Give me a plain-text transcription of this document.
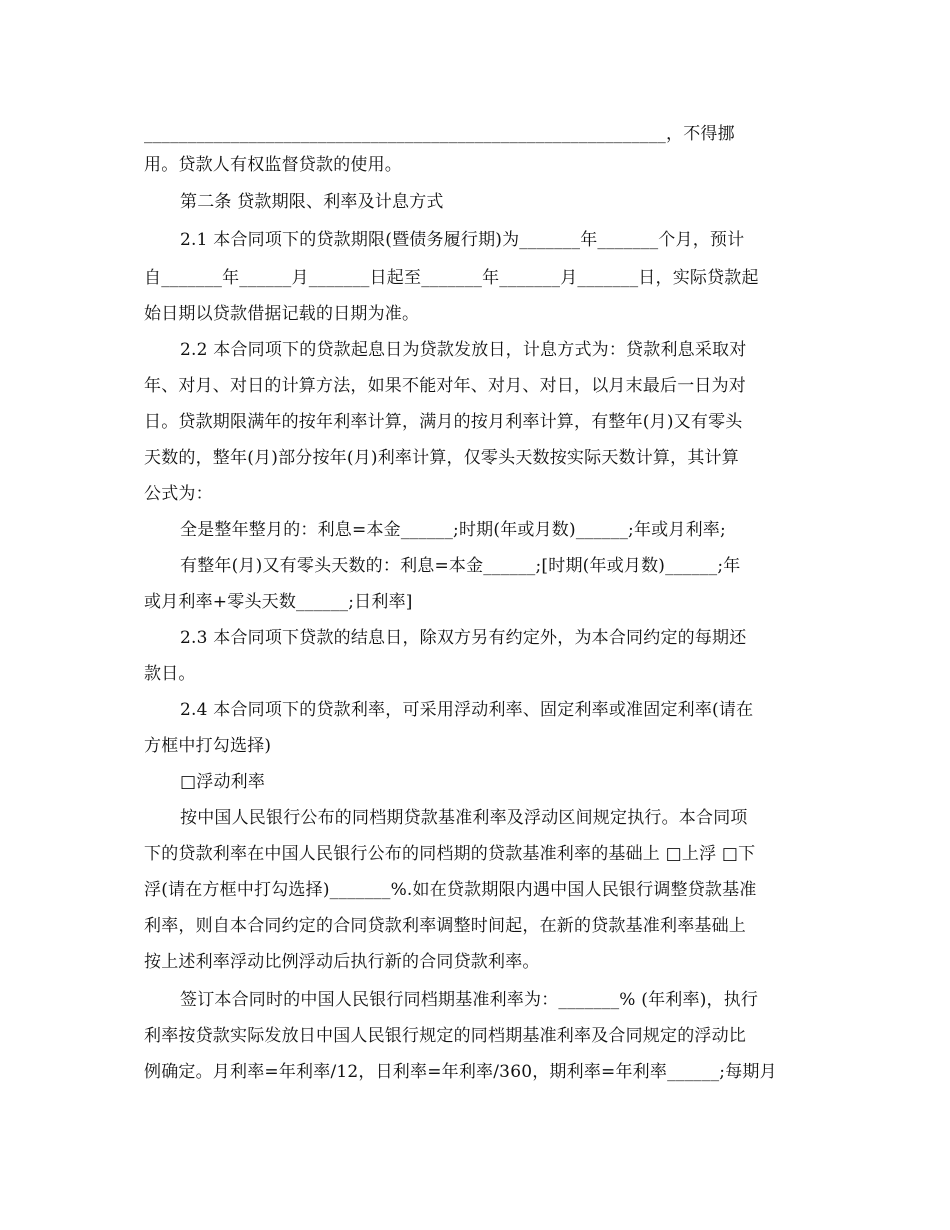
____________________________________________________________，不得挪
用。贷款人有权监督贷款的使用。
第二条 贷款期限、利率及计息方式
2.1 本合同项下的贷款期限(暨债务履行期)为_______年_______个月，预计
自_______年______月_______日起至_______年_______月_______日，实际贷款起
始日期以贷款借据记载的日期为准。
2.2 本合同项下的贷款起息日为贷款发放日，计息方式为：贷款利息采取对
年、对月、对日的计算方法，如果不能对年、对月、对日，以月末最后一日为对
日。贷款期限满年的按年利率计算，满月的按月利率计算，有整年(月)又有零头
天数的，整年(月)部分按年(月)利率计算，仅零头天数按实际天数计算，其计算
公式为：
全是整年整月的：利息=本金______;时期(年或月数)______;年或月利率;
有整年(月)又有零头天数的：利息=本金______;[时期(年或月数)______;年
或月利率+零头天数______;日利率]
2.3 本合同项下贷款的结息日，除双方另有约定外，为本合同约定的每期还
款日。
2.4 本合同项下的贷款利率，可采用浮动利率、固定利率或准固定利率(请在
方框中打勾选择)
□浮动利率
按中国人民银行公布的同档期贷款基准利率及浮动区间规定执行。本合同项
下的贷款利率在中国人民银行公布的同档期的贷款基准利率的基础上 □上浮 □下
浮(请在方框中打勾选择)_______%.如在贷款期限内遇中国人民银行调整贷款基准
利率，则自本合同约定的合同贷款利率调整时间起，在新的贷款基准利率基础上
按上述利率浮动比例浮动后执行新的合同贷款利率。
签订本合同时的中国人民银行同档期基准利率为：_______% (年利率)，执行
利率按贷款实际发放日中国人民银行规定的同档期基准利率及合同规定的浮动比
例确定。月利率=年利率/12，日利率=年利率/360，期利率=年利率______;每期月
